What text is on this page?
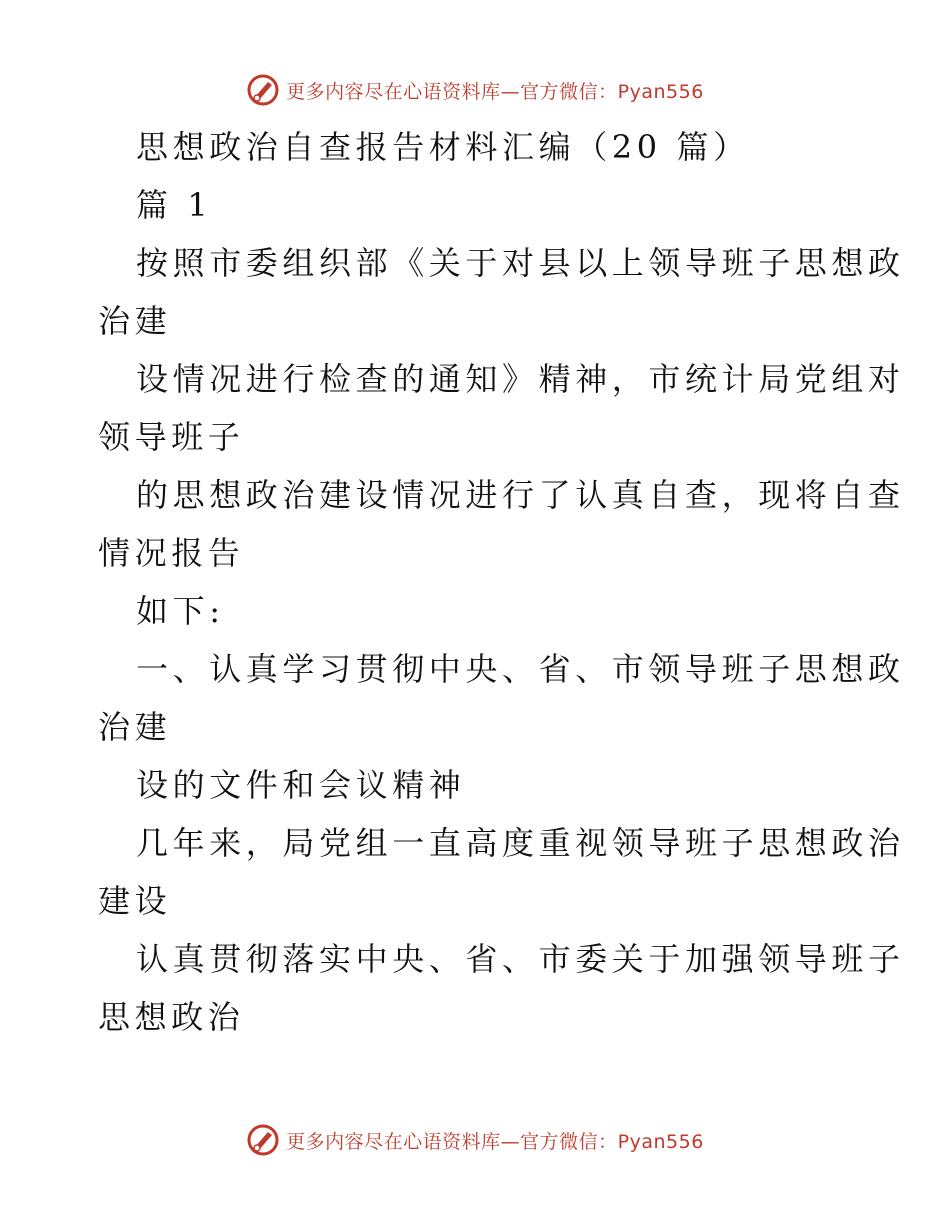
更多内容尽在心语资料库—官方微信：Pyan556
思想政治自查报告材料汇编（20 篇）
篇 1
按照市委组织部《关于对县以上领导班子思想政
治建
设情况进行检查的通知》精神，市统计局党组对
领导班子
的思想政治建设情况进行了认真自查，现将自查
情况报告
如下:
一、认真学习贯彻中央、省、市领导班子思想政
治建
设的文件和会议精神
几年来，局党组一直高度重视领导班子思想政治
建设
认真贯彻落实中央、省、市委关于加强领导班子
思想政治
更多内容尽在心语资料库—官方微信：Pyan556
